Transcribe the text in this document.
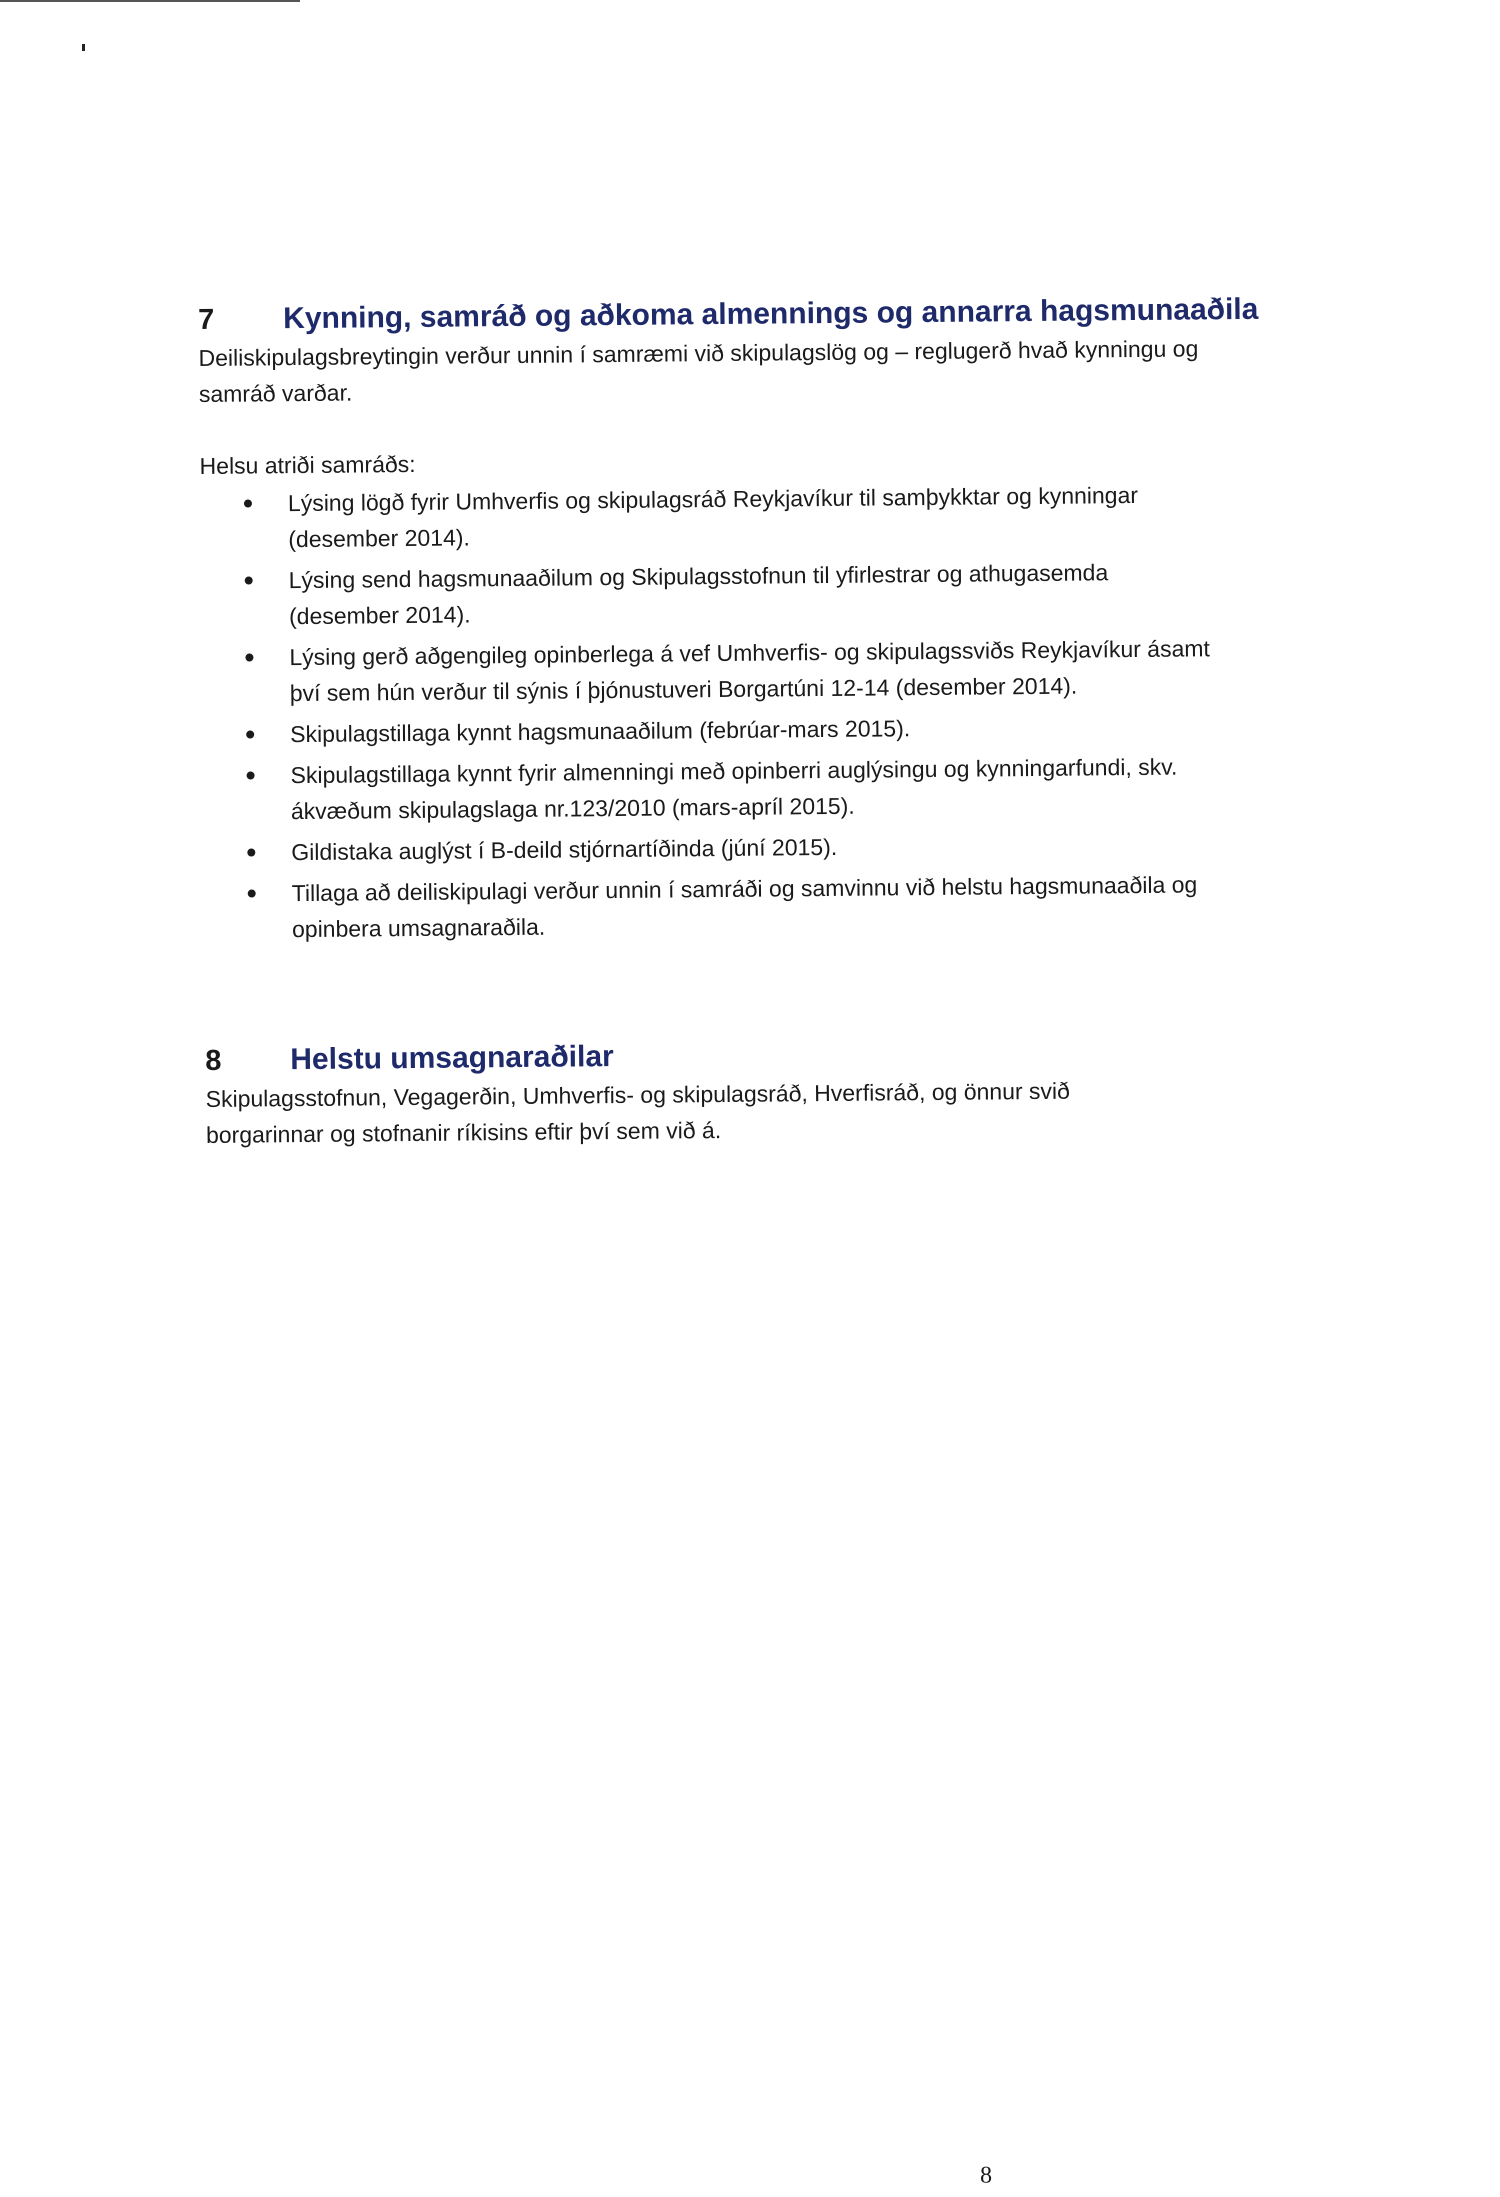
7	Kynning, samráð og aðkoma almennings og annarra hagsmunaaðila

Deiliskipulagsbreytingin verður unnin í samræmi við skipulagslög og – reglugerð hvað kynningu og samráð varðar.

Helsu atriði samráðs:

Lýsing lögð fyrir Umhverfis og skipulagsráð Reykjavíkur til samþykktar og kynningar (desember 2014).
Lýsing send hagsmunaaðilum og Skipulagsstofnun til yfirlestrar og athugasemda (desember 2014).
Lýsing gerð aðgengileg opinberlega á vef Umhverfis- og skipulagssviðs Reykjavíkur ásamt því sem hún verður til sýnis í þjónustuveri Borgartúni 12-14 (desember 2014).
Skipulagstillaga kynnt hagsmunaaðilum (febrúar-mars 2015).
Skipulagstillaga kynnt fyrir almenningi með opinberri auglýsingu og kynningarfundi, skv. ákvæðum skipulagslaga nr.123/2010 (mars-apríl 2015).
Gildistaka auglýst í B-deild stjórnartíðinda (júní 2015).
Tillaga að deiliskipulagi verður unnin í samráði og samvinnu við helstu hagsmunaaðila og opinbera umsagnaraðila.
8	Helstu umsagnaraðilar

Skipulagsstofnun, Vegagerðin, Umhverfis- og skipulagsráð, Hverfisráð, og önnur svið borgarinnar og stofnanir ríkisins eftir því sem við á.

8
